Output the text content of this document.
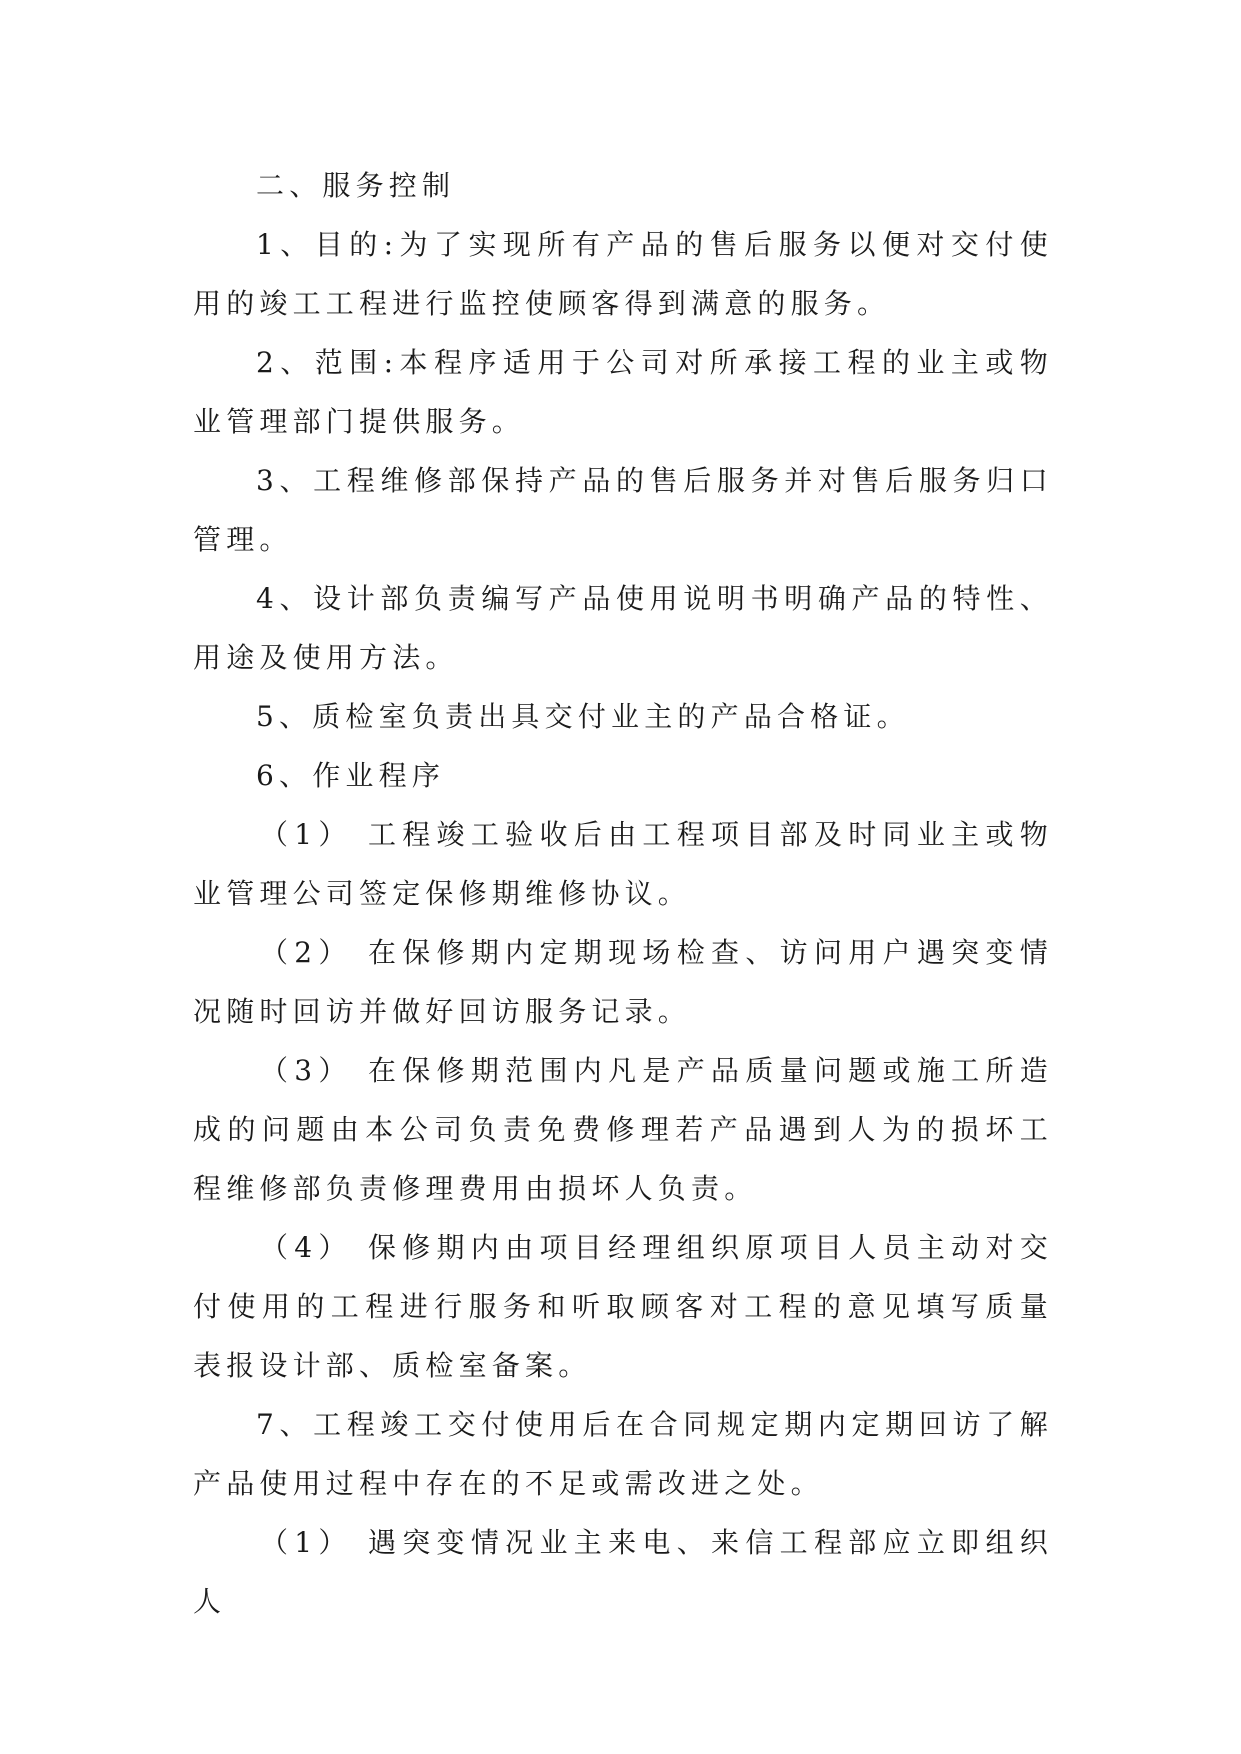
二、服务控制

1、目的:为了实现所有产品的售后服务以便对交付使用的竣工工程进行监控使顾客得到满意的服务。

2、范围:本程序适用于公司对所承接工程的业主或物业管理部门提供服务。

3、工程维修部保持产品的售后服务并对售后服务归口管理。

4、设计部负责编写产品使用说明书明确产品的特性、用途及使用方法。

5、质检室负责出具交付业主的产品合格证。

6、作业程序

（1） 工程竣工验收后由工程项目部及时同业主或物业管理公司签定保修期维修协议。

（2） 在保修期内定期现场检查、访问用户遇突变情况随时回访并做好回访服务记录。

（3） 在保修期范围内凡是产品质量问题或施工所造成的问题由本公司负责免费修理若产品遇到人为的损坏工程维修部负责修理费用由损坏人负责。

（4） 保修期内由项目经理组织原项目人员主动对交付使用的工程进行服务和听取顾客对工程的意见填写质量表报设计部、质检室备案。

7、工程竣工交付使用后在合同规定期内定期回访了解产品使用过程中存在的不足或需改进之处。

（1） 遇突变情况业主来电、来信工程部应立即组织人
